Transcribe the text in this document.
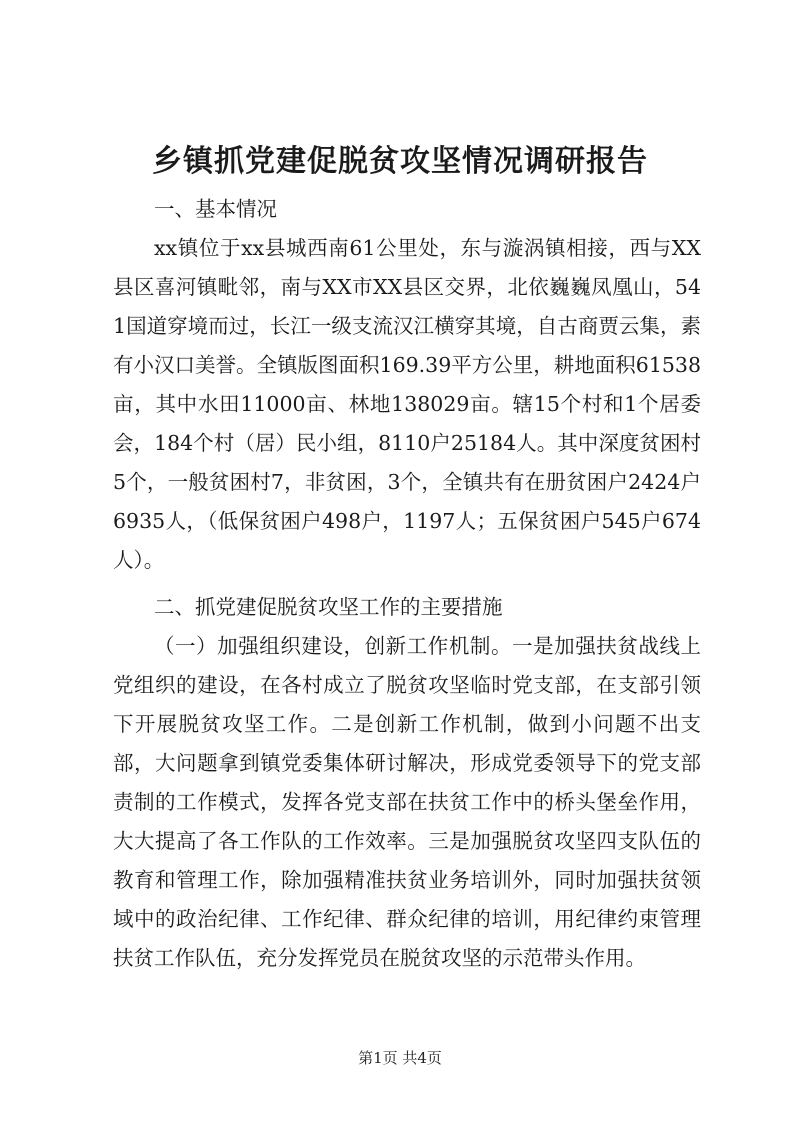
乡镇抓党建促脱贫攻坚情况调研报告

一、基本情况

xx镇位于xx县城西南61公里处，东与漩涡镇相接，西与XX县区喜河镇毗邻，南与XX市XX县区交界，北依巍巍凤凰山，541国道穿境而过，长江一级支流汉江横穿其境，自古商贾云集，素有小汉口美誉。全镇版图面积169.39平方公里，耕地面积61538亩，其中水田11000亩、林地138029亩。辖15个村和1个居委会，184个村（居）民小组，8110户25184人。其中深度贫困村5个，一般贫困村7，非贫困，3个，全镇共有在册贫困户2424户6935人，（低保贫困户498户，1197人；五保贫困户545户674人）。

二、抓党建促脱贫攻坚工作的主要措施

（一）加强组织建设，创新工作机制。一是加强扶贫战线上党组织的建设，在各村成立了脱贫攻坚临时党支部，在支部引领下开展脱贫攻坚工作。二是创新工作机制，做到小问题不出支部，大问题拿到镇党委集体研讨解决，形成党委领导下的党支部责制的工作模式，发挥各党支部在扶贫工作中的桥头堡垒作用，大大提高了各工作队的工作效率。三是加强脱贫攻坚四支队伍的教育和管理工作，除加强精准扶贫业务培训外，同时加强扶贫领域中的政治纪律、工作纪律、群众纪律的培训，用纪律约束管理扶贫工作队伍，充分发挥党员在脱贫攻坚的示范带头作用。

第1页 共4页
